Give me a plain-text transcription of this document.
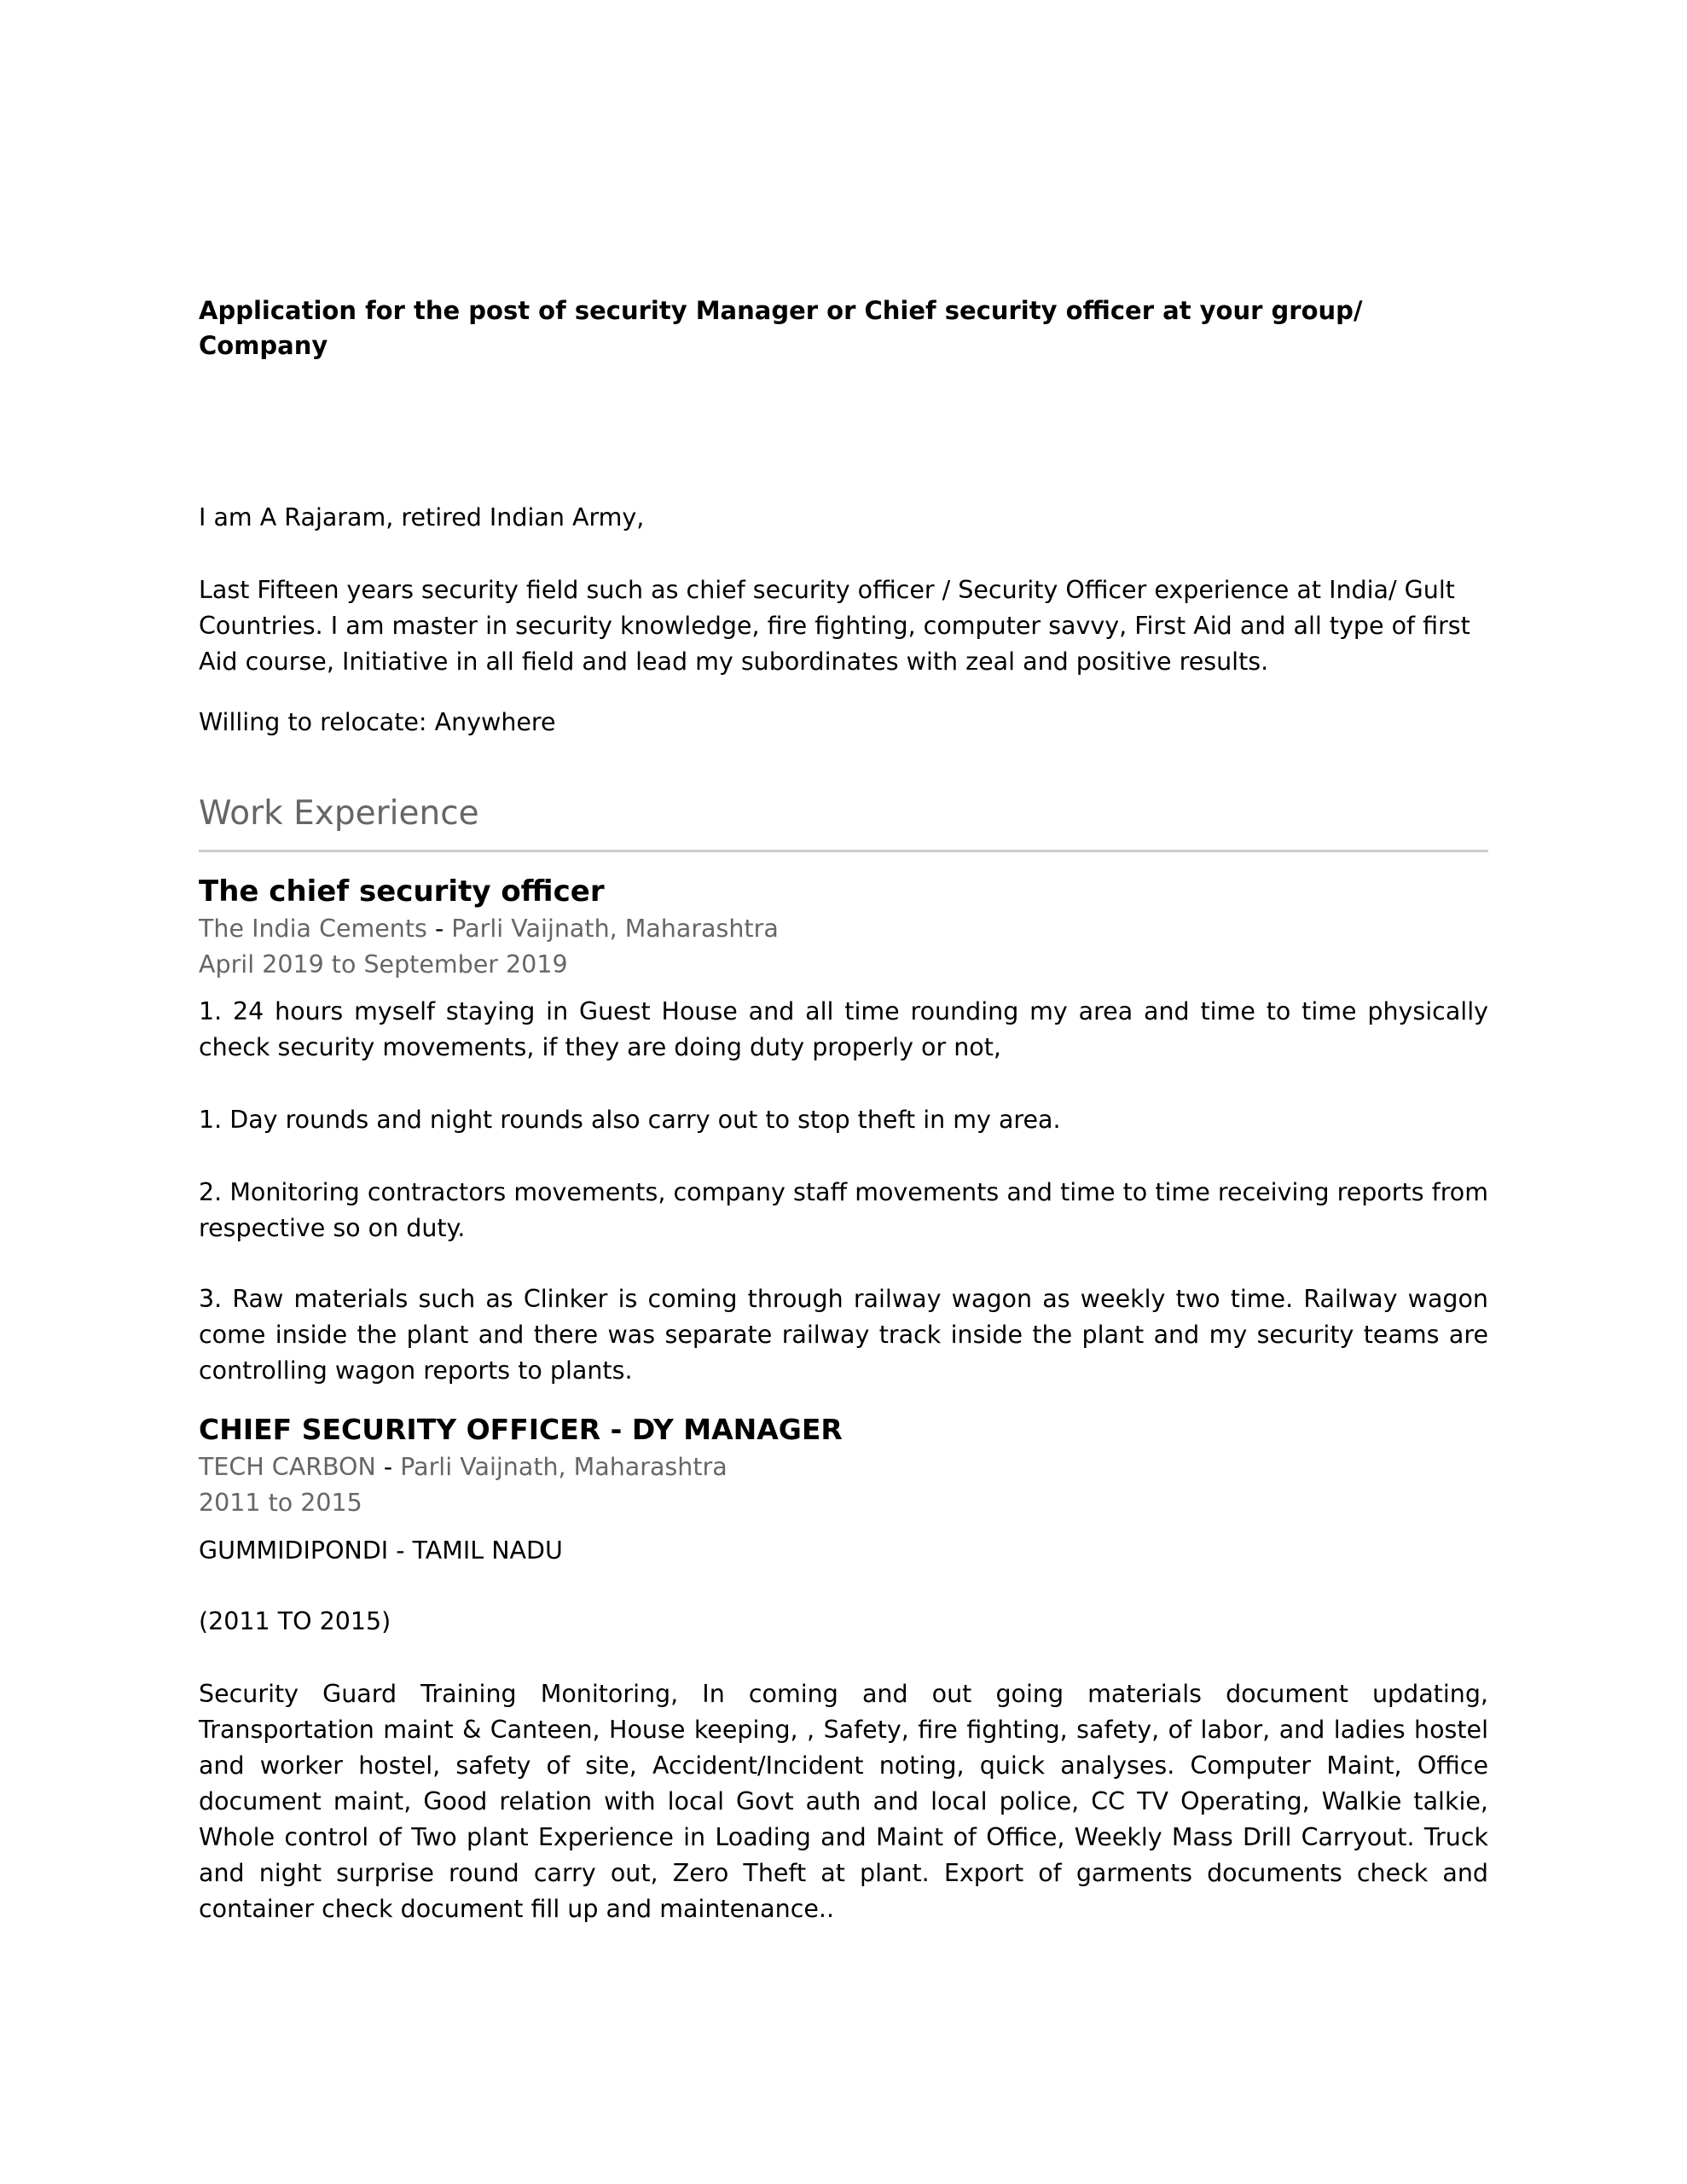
Application for the post of security Manager or Chief security officer at your group/ Company

I am A Rajaram, retired Indian Army,

Last Fifteen years security field such as chief security officer / Security Officer experience at India/ Gult Countries. I am master in security knowledge, fire fighting, computer savvy, First Aid and all type of first Aid course, Initiative in all field and lead my subordinates with zeal and positive results.

Willing to relocate: Anywhere

Work Experience
The chief security officer

The India Cements - Parli Vaijnath, Maharashtra

April 2019 to September 2019

1. 24 hours myself staying in Guest House and all time rounding my area and time to time physically check security movements, if they are doing duty properly or not,

1. Day rounds and night rounds also carry out to stop theft in my area.

2. Monitoring contractors movements, company staff movements and time to time receiving reports from respective so on duty.

3. Raw materials such as Clinker is coming through railway wagon as weekly two time. Railway wagon come inside the plant and there was separate railway track inside the plant and my security teams are controlling wagon reports to plants.

CHIEF SECURITY OFFICER - DY MANAGER

TECH CARBON - Parli Vaijnath, Maharashtra

2011 to 2015

GUMMIDIPONDI - TAMIL NADU

(2011 TO 2015)

Security Guard Training Monitoring, In coming and out going materials document updating, Transportation maint & Canteen, House keeping, , Safety, fire fighting, safety, of labor, and ladies hostel and worker hostel, safety of site, Accident/Incident noting, quick analyses. Computer Maint, Office document maint, Good relation with local Govt auth and local police, CC TV Operating, Walkie talkie, Whole control of Two plant Experience in Loading and Maint of Office, Weekly Mass Drill Carryout. Truck and night surprise round carry out, Zero Theft at plant. Export of garments documents check and container check document fill up and maintenance..
